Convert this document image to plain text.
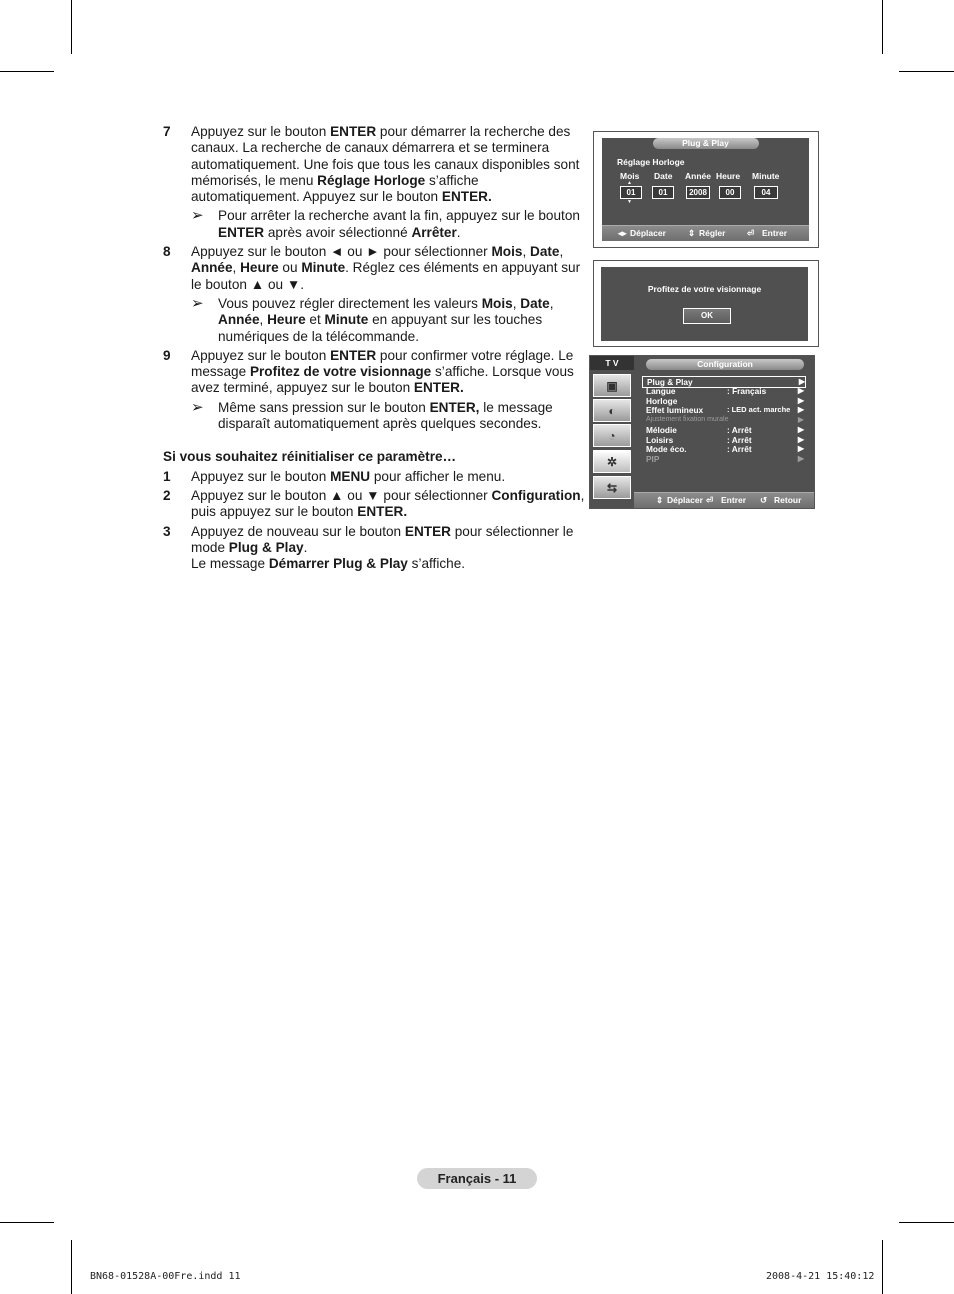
7	Appuyez sur le bouton ENTER pour démarrer la recherche des canaux. La recherche de canaux démarrera et se terminera automatiquement. Une fois que tous les canaux disponibles sont mémorisés, le menu Réglage Horloge s’affiche automatiquement. Appuyez sur le bouton ENTER.
➢	Pour arrêter la recherche avant la fin, appuyez sur le bouton ENTER après avoir sélectionné Arrêter.
8	Appuyez sur le bouton ◄ ou ► pour sélectionner Mois, Date, Année, Heure ou Minute. Réglez ces éléments en appuyant sur le bouton ▲ ou ▼.
➢	Vous pouvez régler directement les valeurs Mois, Date, Année, Heure et Minute en appuyant sur les touches numériques de la télécommande.
9	Appuyez sur le bouton ENTER pour confirmer votre réglage. Le message Profitez de votre visionnage s’affiche. Lorsque vous avez terminé, appuyez sur le bouton ENTER.
➢	Même sans pression sur le bouton ENTER, le message disparaît automatiquement après quelques secondes.
Si vous souhaitez réinitialiser ce paramètre…
1	Appuyez sur le bouton MENU pour afficher le menu.
2	Appuyez sur le bouton ▲ ou ▼ pour sélectionner Configuration, puis appuyez sur le bouton ENTER.
3	Appuyez de nouveau sur le bouton ENTER pour sélectionner le mode Plug & Play.
Le message Démarrer Plug & Play s’affiche.
Plug & Play
Réglage Horloge
Mois Date Année Heure Minute
▲
01	01	2008	00	04
▼
◂▸ Déplacer	⇕ Régler	⏎ Entrer
Profitez de votre visionnage
OK
T V	Configuration
▣
◐
◔
✲
⇆
Plug & Play	▶
Langue	: Français	▶
Horloge	▶
Effet lumineux	: LED act. marche ▶
Ajustement fixation murale	▶
Mélodie	: Arrêt	▶
Loisirs	: Arrêt	▶
Mode éco.	: Arrêt	▶
PIP	▶
⇕ Déplacer ⏎ Entrer ↺ Retour
Français - 11
BN68-01528A-00Fre.indd 11	2008-4-21 15:40:12
